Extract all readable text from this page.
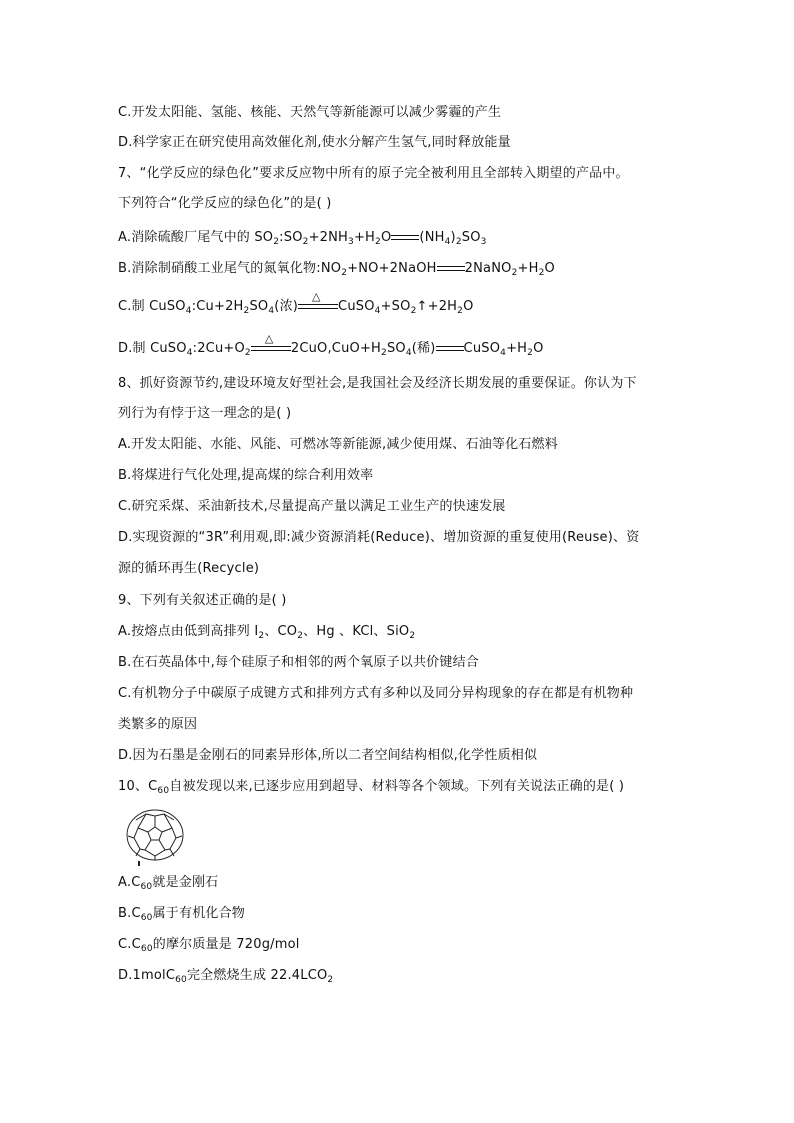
C.开发太阳能、氢能、核能、天然气等新能源可以减少雾霾的产生
D.科学家正在研究使用高效催化剂,使水分解产生氢气,同时释放能量
7、“化学反应的绿色化”要求反应物中所有的原子完全被利用且全部转入期望的产品中。
下列符合“化学反应的绿色化”的是( )
A.消除硫酸厂尾气中的 $SO_2:SO_2+2NH_3+H_2O$ $(NH_4)_2SO_3$
B.消除制硝酸工业尾气的氮氧化物$:NO_2+NO+2NaOH$ $2NaNO_2+H_2O$
C.制 $CuSO_4:Cu+2H_2SO_4$(浓)
△
$CuSO_4+SO_2↑+2H_2O$
D.制 $CuSO_4:2Cu+O_2$
△
$2CuO,CuO+H_2SO_4$(稀) $CuSO_4+H_2O$
8、抓好资源节约,建设环境友好型社会,是我国社会及经济长期发展的重要保证。你认为下
列行为有悖于这一理念的是( )
A.开发太阳能、水能、风能、可燃冰等新能源,减少使用煤、石油等化石燃料
B.将煤进行气化处理,提高煤的综合利用效率
C.研究采煤、采油新技术,尽量提高产量以满足工业生产的快速发展
D.实现资源的“3R”利用观,即:减少资源消耗(Reduce)、增加资源的重复使用(Reuse)、资
源的循环再生(Recycle)
9、下列有关叙述正确的是( )
A.按熔点由低到高排列 $I_2$、$CO_2$、Hg 、KCl、SiO$_2$
B.在石英晶体中,每个硅原子和相邻的两个氧原子以共价键结合
C.有机物分子中碳原子成键方式和排列方式有多种以及同分异构现象的存在都是有机物种
类繁多的原因
D.因为石墨是金刚石的同素异形体,所以二者空间结构相似,化学性质相似
10、$C_{60}$自被发现以来,已逐步应用到超导、材料等各个领域。下列有关说法正确的是( )
$A.C_{60}$就是金刚石
$B.C_{60}$属于有机化合物
$C.C_{60}$的摩尔质量是 720g/mol
D.1molC$_{60}$完全燃烧生成 $22.4LCO_2$
